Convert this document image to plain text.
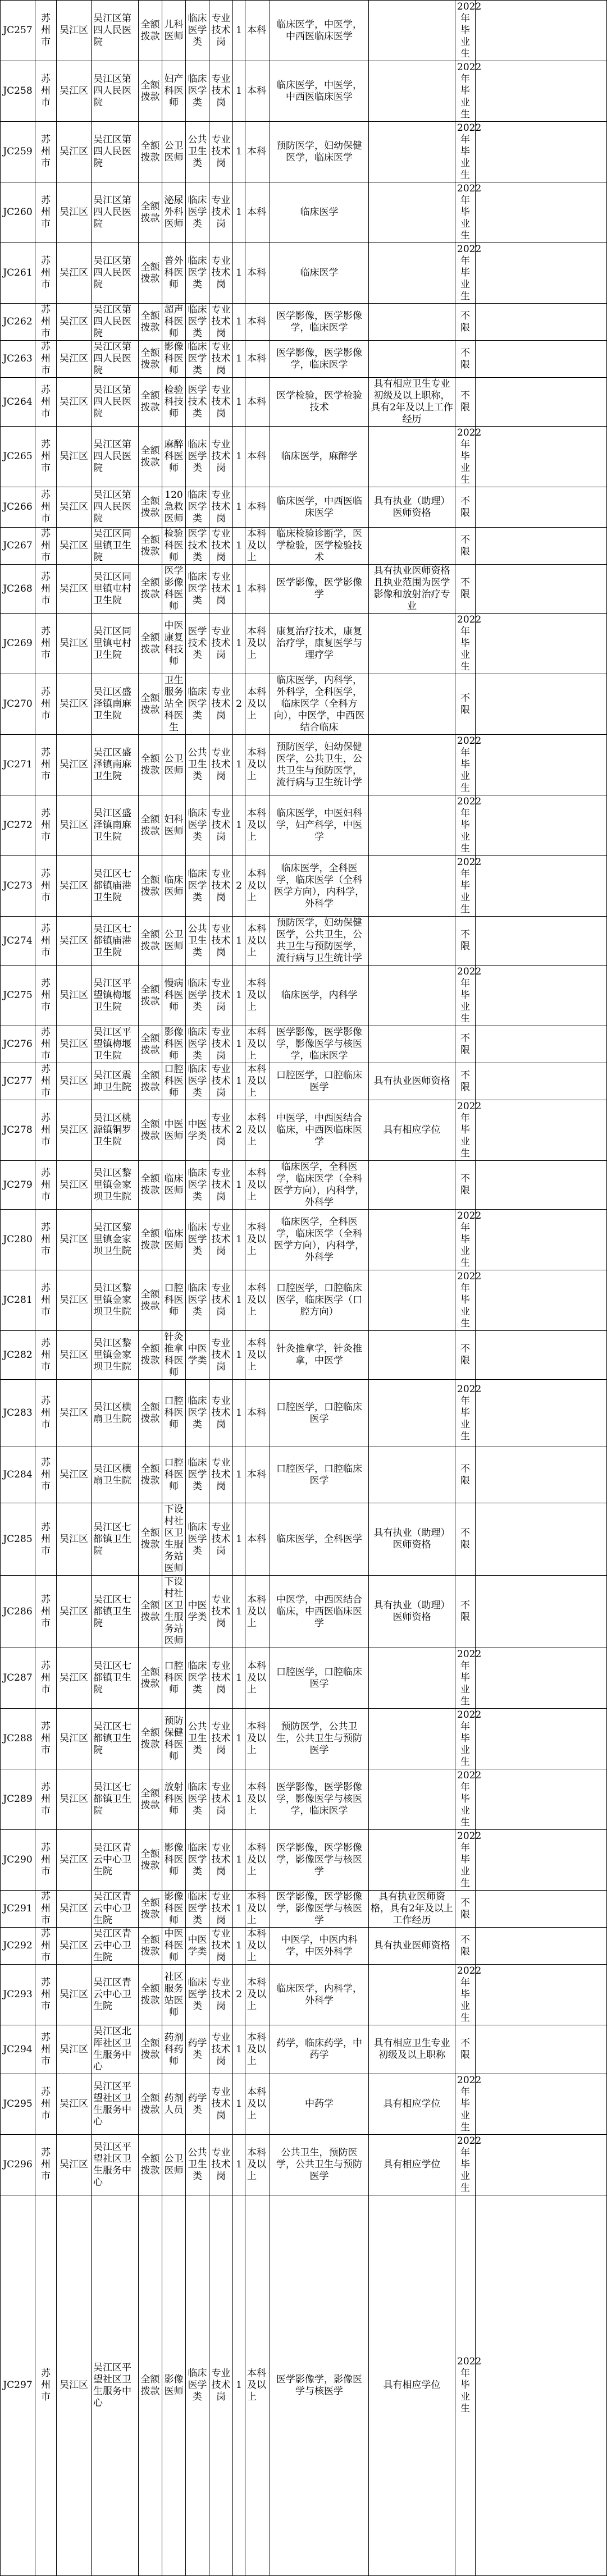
JC257	苏州市	吴江区	吴江区第四人民医院	全额拨款	儿科医师	临床医学类	专业技术岗	1	本科	临床医学，中医学，中西医临床医学		2022年毕业生	
JC258	苏州市	吴江区	吴江区第四人民医院	全额拨款	妇产科医师	临床医学类	专业技术岗	1	本科	临床医学，中医学，中西医临床医学		2022年毕业生	
JC259	苏州市	吴江区	吴江区第四人民医院	全额拨款	公卫医师	公共卫生类	专业技术岗	1	本科	预防医学，妇幼保健医学，临床医学		2022年毕业生	
JC260	苏州市	吴江区	吴江区第四人民医院	全额拨款	泌尿外科医师	临床医学类	专业技术岗	1	本科	临床医学		2022年毕业生	
JC261	苏州市	吴江区	吴江区第四人民医院	全额拨款	普外科医师	临床医学类	专业技术岗	1	本科	临床医学		2022年毕业生	
JC262	苏州市	吴江区	吴江区第四人民医院	全额拨款	超声科医师	临床医学类	专业技术岗	1	本科	医学影像，医学影像学，临床医学		不限	
JC263	苏州市	吴江区	吴江区第四人民医院	全额拨款	影像科医师	临床医学类	专业技术岗	1	本科	医学影像，医学影像学，临床医学		不限	
JC264	苏州市	吴江区	吴江区第四人民医院	全额拨款	检验科技师	医学技术类	专业技术岗	1	本科	医学检验，医学检验技术	具有相应卫生专业初级及以上职称，具有2年及以上工作经历	不限	
JC265	苏州市	吴江区	吴江区第四人民医院	全额拨款	麻醉科医师	临床医学类	专业技术岗	1	本科	临床医学，麻醉学		2022年毕业生	
JC266	苏州市	吴江区	吴江区第四人民医院	全额拨款	120急救医师	临床医学类	专业技术岗	1	本科	临床医学，中西医临床医学	具有执业（助理）医师资格	不限	
JC267	苏州市	吴江区	吴江区同里镇卫生院	全额拨款	检验科医师	医学技术类	专业技术岗	1	本科及以上	临床检验诊断学，医学检验，医学检验技术		不限	
JC268	苏州市	吴江区	吴江区同里镇屯村卫生院	全额拨款	医学影像科医师	临床医学类	专业技术岗	1	本科	医学影像，医学影像学	具有执业医师资格且执业范围为医学影像和放射治疗专业	不限	
JC269	苏州市	吴江区	吴江区同里镇屯村卫生院	全额拨款	中医康复科技师	医学技术类	专业技术岗	1	本科及以上	康复治疗技术，康复治疗学，康复医学与理疗学		2022年毕业生	
JC270	苏州市	吴江区	吴江区盛泽镇南麻卫生院	全额拨款	卫生服务站全科医生	临床医学类	专业技术岗	2	本科及以上	临床医学，内科学，外科学，全科医学，临床医学（全科方向），中医学，中西医结合临床		不限	
JC271	苏州市	吴江区	吴江区盛泽镇南麻卫生院	全额拨款	公卫医师	公共卫生类	专业技术岗	1	本科及以上	预防医学，妇幼保健医学，公共卫生，公共卫生与预防医学，流行病与卫生统计学		2022年毕业生	
JC272	苏州市	吴江区	吴江区盛泽镇南麻卫生院	全额拨款	妇科医师	临床医学类	专业技术岗	1	本科及以上	临床医学，中医妇科学，妇产科学，中医学		2022年毕业生	
JC273	苏州市	吴江区	吴江区七都镇庙港卫生院	全额拨款	临床医师	临床医学类	专业技术岗	2	本科及以上	临床医学，全科医学，临床医学（全科医学方向），内科学，外科学		2022年毕业生	
JC274	苏州市	吴江区	吴江区七都镇庙港卫生院	全额拨款	公卫医师	公共卫生类	专业技术岗	1	本科及以上	预防医学，妇幼保健医学，公共卫生，公共卫生与预防医学，流行病与卫生统计学		不限	
JC275	苏州市	吴江区	吴江区平望镇梅堰卫生院	全额拨款	慢病科医师	临床医学类	专业技术岗	1	本科及以上	临床医学，内科学		2022年毕业生	
JC276	苏州市	吴江区	吴江区平望镇梅堰卫生院	全额拨款	影像科医师	临床医学类	专业技术岗	1	本科及以上	医学影像，医学影像学，影像医学与核医学，临床医学		不限	
JC277	苏州市	吴江区	吴江区震坤卫生院	全额拨款	口腔科医师	临床医学类	专业技术岗	1	本科及以上	口腔医学，口腔临床医学	具有执业医师资格	不限	
JC278	苏州市	吴江区	吴江区桃源镇铜罗卫生院	全额拨款	中医医师	中医学类	专业技术岗	2	本科及以上	中医学，中西医结合临床，中西医临床医学	具有相应学位	2022年毕业生	
JC279	苏州市	吴江区	吴江区黎里镇金家坝卫生院	全额拨款	临床医师	临床医学类	专业技术岗	1	本科及以上	临床医学，全科医学，临床医学（全科医学方向），内科学，外科学		不限	
JC280	苏州市	吴江区	吴江区黎里镇金家坝卫生院	全额拨款	临床医师	临床医学类	专业技术岗	1	本科及以上	临床医学，全科医学，临床医学（全科医学方向），内科学，外科学		2022年毕业生	
JC281	苏州市	吴江区	吴江区黎里镇金家坝卫生院	全额拨款	口腔科医师	临床医学类	专业技术岗	1	本科及以上	口腔医学，口腔临床医学，临床医学（口腔方向）		2022年毕业生	
JC282	苏州市	吴江区	吴江区黎里镇金家坝卫生院	全额拨款	针灸推拿科医师	中医学类	专业技术岗	1	本科及以上	针灸推拿学，针灸推拿，中医学		不限	
JC283	苏州市	吴江区	吴江区横扇卫生院	全额拨款	口腔科医师	临床医学类	专业技术岗	1	本科	口腔医学，口腔临床医学		2022年毕业生	
JC284	苏州市	吴江区	吴江区横扇卫生院	全额拨款	口腔科医师	临床医学类	专业技术岗	1	本科	口腔医学，口腔临床医学		不限	
JC285	苏州市	吴江区	吴江区七都镇卫生院	全额拨款	下设村社区卫生服务站医师	临床医学类	专业技术岗	1	本科	临床医学，全科医学	具有执业（助理）医师资格	不限	
JC286	苏州市	吴江区	吴江区七都镇卫生院	全额拨款	下设村社区卫生服务站医师	中医学类	专业技术岗	1	本科及以上	中医学，中西医结合临床，中西医临床医学	具有执业（助理）医师资格	不限	
JC287	苏州市	吴江区	吴江区七都镇卫生院	全额拨款	口腔科医师	临床医学类	专业技术岗	1	本科及以上	口腔医学，口腔临床医学		2022年毕业生	
JC288	苏州市	吴江区	吴江区七都镇卫生院	全额拨款	预防保健科医师	公共卫生类	专业技术岗	1	本科及以上	预防医学，公共卫生，公共卫生与预防医学		2022年毕业生	
JC289	苏州市	吴江区	吴江区七都镇卫生院	全额拨款	放射科医师	临床医学类	专业技术岗	1	本科及以上	医学影像，医学影像学，影像医学与核医学，临床医学		2022年毕业生	
JC290	苏州市	吴江区	吴江区青云中心卫生院	全额拨款	影像科医师	临床医学类	专业技术岗	1	本科及以上	医学影像，医学影像学，影像医学与核医学		2022年毕业生	
JC291	苏州市	吴江区	吴江区青云中心卫生院	全额拨款	影像科医师	临床医学类	专业技术岗	1	本科及以上	医学影像，医学影像学，影像医学与核医学	具有执业医师资格，具有2年及以上工作经历	不限	
JC292	苏州市	吴江区	吴江区青云中心卫生院	全额拨款	中医科医师	中医学类	专业技术岗	1	本科及以上	中医学，中医内科学，中医外科学	具有执业医师资格	不限	
JC293	苏州市	吴江区	吴江区青云中心卫生院	全额拨款	社区服务站医师	临床医学类	专业技术岗	2	本科及以上	临床医学，内科学，外科学		2022年毕业生	
JC294	苏州市	吴江区	吴江区北厍社区卫生服务中心	全额拨款	药剂科药师	药学类	专业技术岗	1	本科及以上	药学，临床药学，中药学	具有相应卫生专业初级及以上职称	不限	
JC295	苏州市	吴江区	吴江区平望社区卫生服务中心	全额拨款	药剂人员	药学类	专业技术岗	1	本科及以上	中药学	具有相应学位	2022年毕业生	
JC296	苏州市	吴江区	吴江区平望社区卫生服务中心	全额拨款	公卫医师	公共卫生类	专业技术岗	1	本科及以上	公共卫生，预防医学，公共卫生与预防医学	具有相应学位	2022年毕业生	
JC297	苏州市	吴江区	吴江区平望社区卫生服务中心	全额拨款	影像医师	临床医学类	专业技术岗	1	本科及以上	医学影像学，影像医学与核医学	具有相应学位	2022年毕业生	
